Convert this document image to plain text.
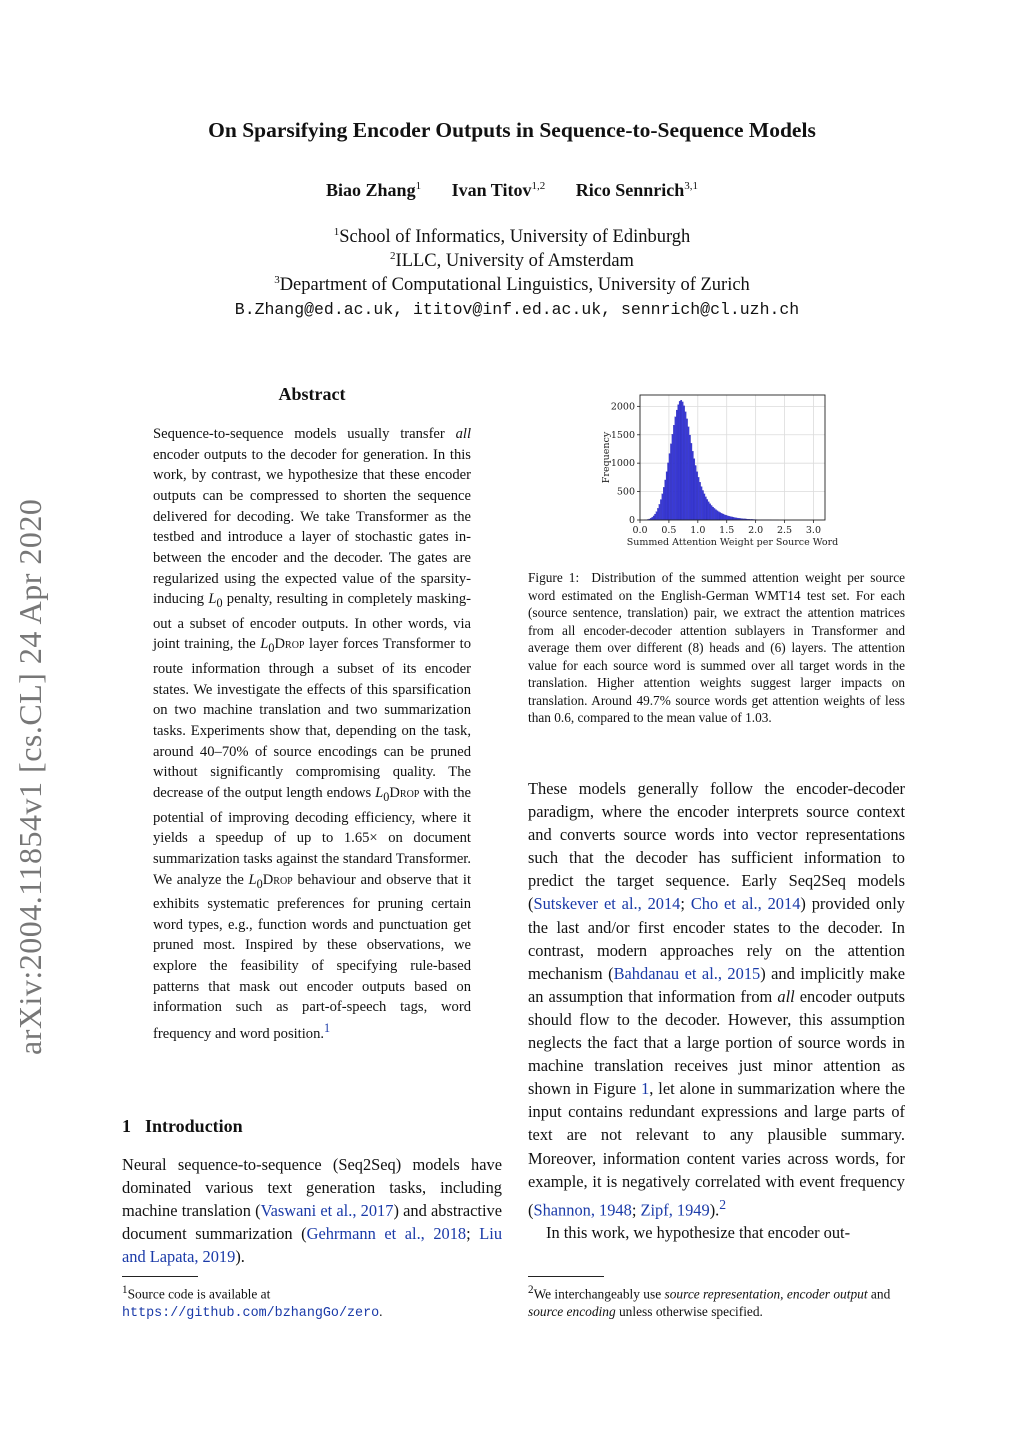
On Sparsifying Encoder Outputs in Sequence-to-Sequence Models
Biao Zhang$^1$ Ivan Titov$^{1,2}$ Rico Sennrich$^{3,1}$
$^1$School of Informatics, University of Edinburgh
$^2$ILLC, University of Amsterdam
$^3$Department of Computational Linguistics, University of Zurich
B.Zhang@ed.ac.uk, ititov@inf.ed.ac.uk, sennrich@cl.uzh.ch
arXiv:2004.11854v1 [cs.CL] 24 Apr 2020
Abstract
Sequence-to-sequence models usually transfer all encoder outputs to the decoder for generation. In this work, by contrast, we hypothesize that these encoder outputs can be compressed to shorten the sequence delivered for decoding. We take Transformer as the testbed and introduce a layer of stochastic gates in-between the encoder and the decoder. The gates are regularized using the expected value of the sparsity-inducing $L_0$ penalty, resulting in completely masking-out a subset of encoder outputs. In other words, via joint training, the $L_0Drop$ layer forces Transformer to route information through a subset of its encoder states. We investigate the effects of this sparsification on two machine translation and two summarization tasks. Experiments show that, depending on the task, around 40–70% of source encodings can be pruned without significantly compromising quality. The decrease of the output length endows $L_0Drop$ with the potential of improving decoding efficiency, where it yields a speedup of up to 1.65× on document summarization tasks against the standard Transformer. We analyze the $L_0Drop$ behaviour and observe that it exhibits systematic preferences for pruning certain word types, e.g., function words and punctuation get pruned most. Inspired by these observations, we explore the feasibility of specifying rule-based patterns that mask out encoder outputs based on information such as part-of-speech tags, word frequency and word position.$^1$
1 Introduction
Neural sequence-to-sequence (Seq2Seq) models have dominated various text generation tasks, including machine translation (Vaswani et al., 2017) and abstractive document summarization (Gehrmann et al., 2018; Liu and Lapata, 2019).
$^1$Source code is available at https://github.com/bzhangGo/zero.
0.0 0.5 1.0 1.5 2.0 2.5 3.0
0
500
1000
1500
2000
Summed Attention Weight per Source Word
Frequency
Figure 1: Distribution of the summed attention weight per source word estimated on the English-German WMT14 test set. For each (source sentence, translation) pair, we extract the attention matrices from all encoder-decoder attention sublayers in Transformer and average them over different (8) heads and (6) layers. The attention value for each source word is summed over all target words in the translation. Higher attention weights suggest larger impacts on translation. Around 49.7% source words get attention weights of less than 0.6, compared to the mean value of 1.03.

These models generally follow the encoder-decoder paradigm, where the encoder interprets source context and converts source words into vector representations such that the decoder has sufficient information to predict the target sequence. Early Seq2Seq models (Sutskever et al., 2014; Cho et al., 2014) provided only the last and/or first encoder states to the decoder. In contrast, modern approaches rely on the attention mechanism (Bahdanau et al., 2015) and implicitly make an assumption that information from all encoder outputs should flow to the decoder. However, this assumption neglects the fact that a large portion of source words in machine translation receives just minor attention as shown in Figure 1, let alone in summarization where the input contains redundant expressions and large parts of text are not relevant to any plausible summary. Moreover, information content varies across words, for example, it is negatively correlated with event frequency (Shannon, 1948; Zipf, 1949).$^2$

In this work, we hypothesize that encoder out-

$^2$We interchangeably use source representation, encoder output and source encoding unless otherwise specified.
